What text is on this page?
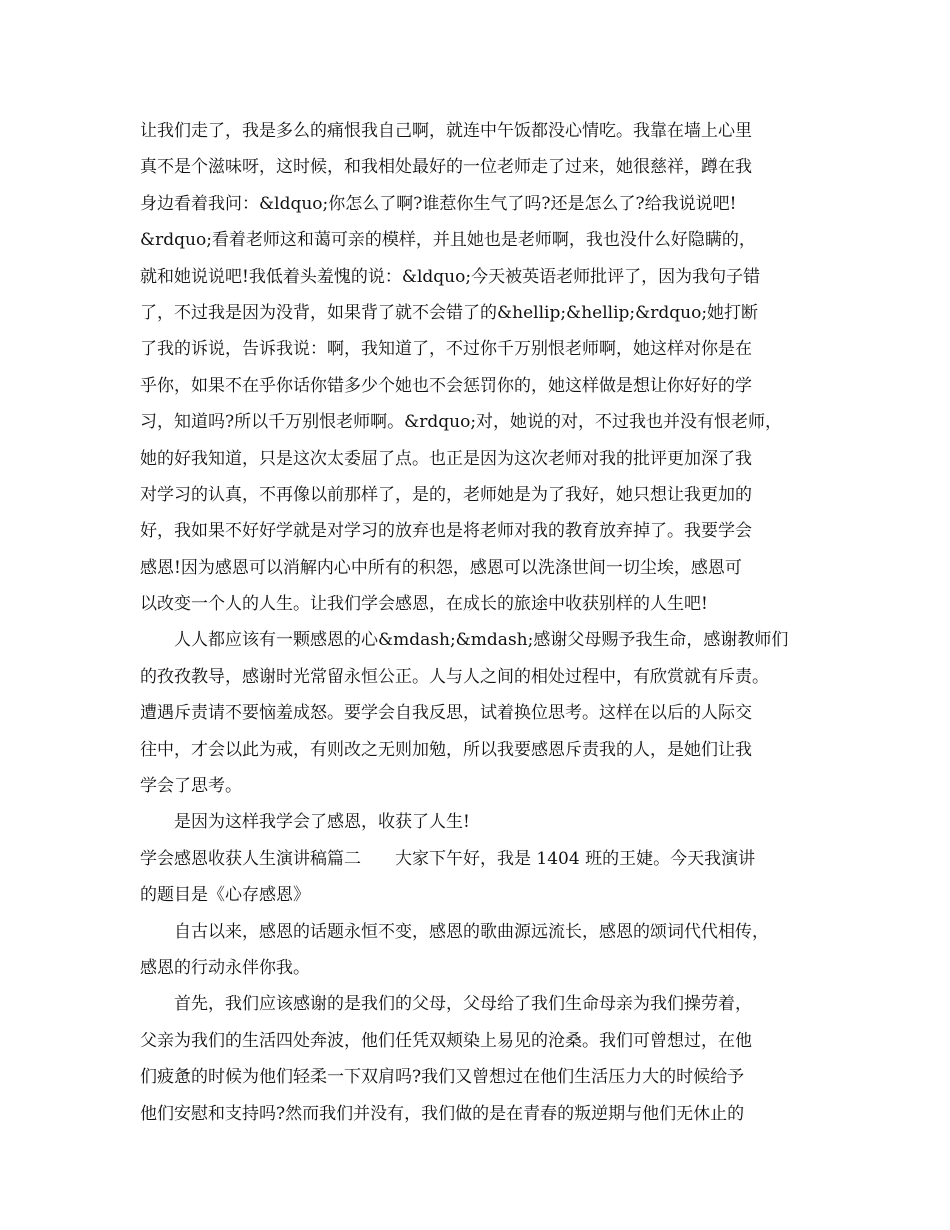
让我们走了，我是多么的痛恨我自己啊，就连中午饭都没心情吃。我靠在墙上心里
真不是个滋味呀，这时候，和我相处最好的一位老师走了过来，她很慈祥，蹲在我
身边看着我问：&ldquo;你怎么了啊?谁惹你生气了吗?还是怎么了?给我说说吧!
&rdquo;看着老师这和蔼可亲的模样，并且她也是老师啊，我也没什么好隐瞒的，
就和她说说吧!我低着头羞愧的说：&ldquo;今天被英语老师批评了，因为我句子错
了，不过我是因为没背，如果背了就不会错了的&hellip;&hellip;&rdquo;她打断
了我的诉说，告诉我说：啊，我知道了，不过你千万别恨老师啊，她这样对你是在
乎你，如果不在乎你话你错多少个她也不会惩罚你的，她这样做是想让你好好的学
习，知道吗?所以千万别恨老师啊。&rdquo;对，她说的对，不过我也并没有恨老师，
她的好我知道，只是这次太委屈了点。也正是因为这次老师对我的批评更加深了我
对学习的认真，不再像以前那样了，是的，老师她是为了我好，她只想让我更加的
好，我如果不好好学就是对学习的放弃也是将老师对我的教育放弃掉了。我要学会
感恩!因为感恩可以消解内心中所有的积怨，感恩可以洗涤世间一切尘埃，感恩可
以改变一个人的人生。让我们学会感恩，在成长的旅途中收获别样的人生吧!
人人都应该有一颗感恩的心&mdash;&mdash;感谢父母赐予我生命，感谢教师们
的孜孜教导，感谢时光常留永恒公正。人与人之间的相处过程中，有欣赏就有斥责。
遭遇斥责请不要恼羞成怒。要学会自我反思，试着换位思考。这样在以后的人际交
往中，才会以此为戒，有则改之无则加勉，所以我要感恩斥责我的人，是她们让我
学会了思考。
是因为这样我学会了感恩，收获了人生!
学会感恩收获人生演讲稿篇二　　大家下午好，我是 1404 班的王婕。今天我演讲
的题目是《心存感恩》
自古以来，感恩的话题永恒不变，感恩的歌曲源远流长，感恩的颂词代代相传，
感恩的行动永伴你我。
首先，我们应该感谢的是我们的父母，父母给了我们生命母亲为我们操劳着，
父亲为我们的生活四处奔波，他们任凭双颊染上易见的沧桑。我们可曾想过，在他
们疲惫的时候为他们轻柔一下双肩吗?我们又曾想过在他们生活压力大的时候给予
他们安慰和支持吗?然而我们并没有，我们做的是在青春的叛逆期与他们无休止的
